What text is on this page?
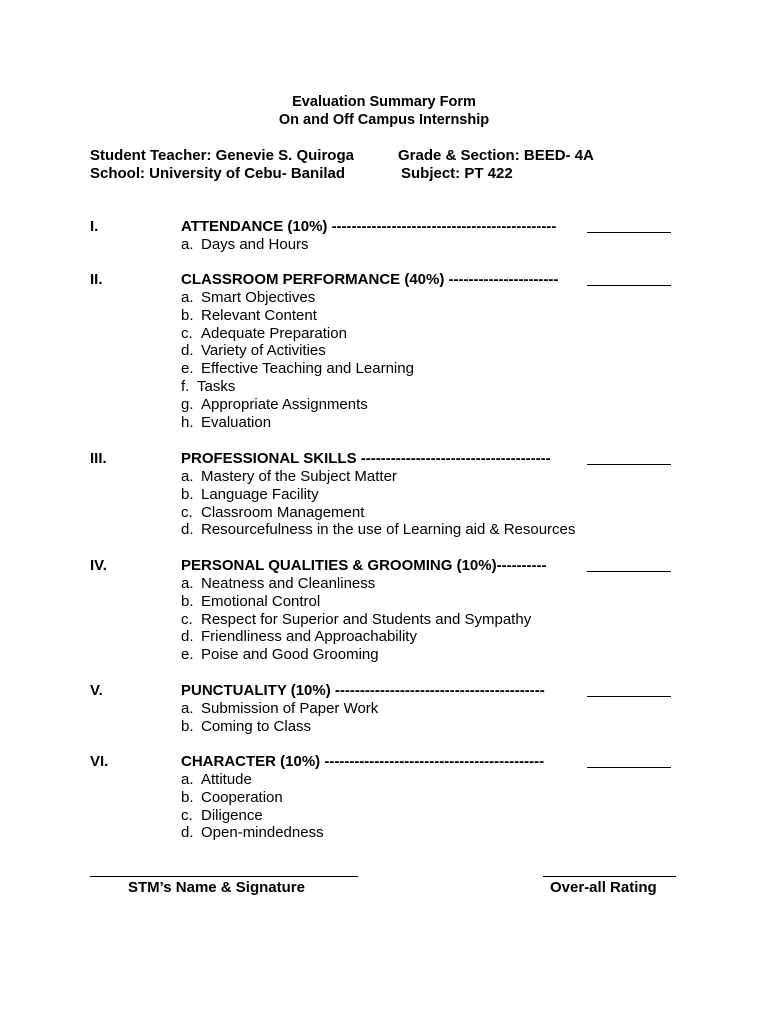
Evaluation Summary Form
On and Off Campus Internship
Student Teacher: Genevie S. Quiroga	Grade & Section: BEED- 4A
School: University of Cebu- Banilad	Subject: PT 422
I.	ATTENDANCE (10%) ---------------------------------------------
a. Days and Hours
II.	CLASSROOM PERFORMANCE (40%) ----------------------
a. Smart Objectives
b. Relevant Content
c. Adequate Preparation
d. Variety of Activities
e. Effective Teaching and Learning
f. Tasks
g. Appropriate Assignments
h. Evaluation
III.	PROFESSIONAL SKILLS --------------------------------------
a. Mastery of the Subject Matter
b. Language Facility
c. Classroom Management
d. Resourcefulness in the use of Learning aid & Resources
IV.	PERSONAL QUALITIES & GROOMING (10%)----------
a. Neatness and Cleanliness
b. Emotional Control
c. Respect for Superior and Students and Sympathy
d. Friendliness and Approachability
e. Poise and Good Grooming
V.	PUNCTUALITY (10%) ------------------------------------------
a. Submission of Paper Work
b. Coming to Class
VI.	CHARACTER (10%) --------------------------------------------
a. Attitude
b. Cooperation
c. Diligence
d. Open-mindedness
STM’s Name & Signature	Over-all Rating
